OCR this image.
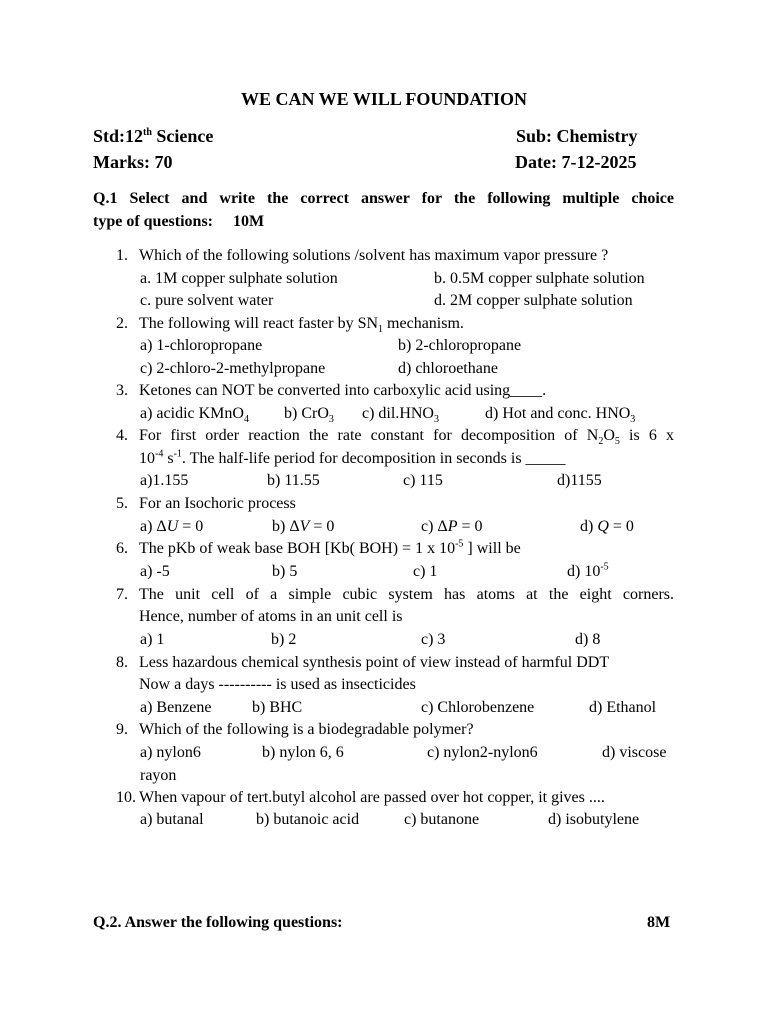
WE CAN WE WILL FOUNDATION
Std:12th Science	Sub: Chemistry
Marks: 70	Date: 7-12-2025
Q.1 Select and write the correct answer for the following multiple choice
type of questions:     10M
1. Which of the following solutions /solvent has maximum vapor pressure ?
a. 1M copper sulphate solution	b. 0.5M copper sulphate solution
c. pure solvent water	d. 2M copper sulphate solution
2. The following will react faster by $SN_1$ mechanism.
a) 1-chloropropane	b) 2-chloropropane
c) 2-chloro-2-methylpropane	d) chloroethane
3. Ketones can NOT be converted into carboxylic acid using____.
a) acidic KMnO$_4$ b) CrO$_3$ c) $dil.HNO_3$	d) Hot and conc. $HNO_3$
4. For first order reaction the rate constant for decomposition of $N_2O_5$ is 6 x
$10^{-4}$ $s^{-1}$. The half-life period for decomposition in seconds is _____
a)1.155	b) 11.55	c) 115	d)1155
5. For an Isochoric process
a) ΔU = 0	b) ΔV = 0	c) ΔP = 0	d) Q = 0
6. The pKb of weak base BOH [Kb( BOH) = 1 x $10^{-5}$ ] will be
a) -5	b) 5	c) 1	d) $10^{-5}$
7. The unit cell of a simple cubic system has atoms at the eight corners.
Hence, number of atoms in an unit cell is
a) 1	b) 2	c) 3	d) 8
8. Less hazardous chemical synthesis point of view instead of harmful DDT
Now a days ---------- is used as insecticides
a) Benzene	b) BHC	c) Chlorobenzene	d) Ethanol
9. Which of the following is a biodegradable polymer?
a) nylon6	b) nylon 6, 6	c) nylon2-nylon6	d) viscose
rayon
10. When vapour of tert.butyl alcohol are passed over hot copper, it gives ....
a) butanal	b) butanoic acid	c) butanone	d) isobutylene
Q.2. Answer the following questions:	8M
